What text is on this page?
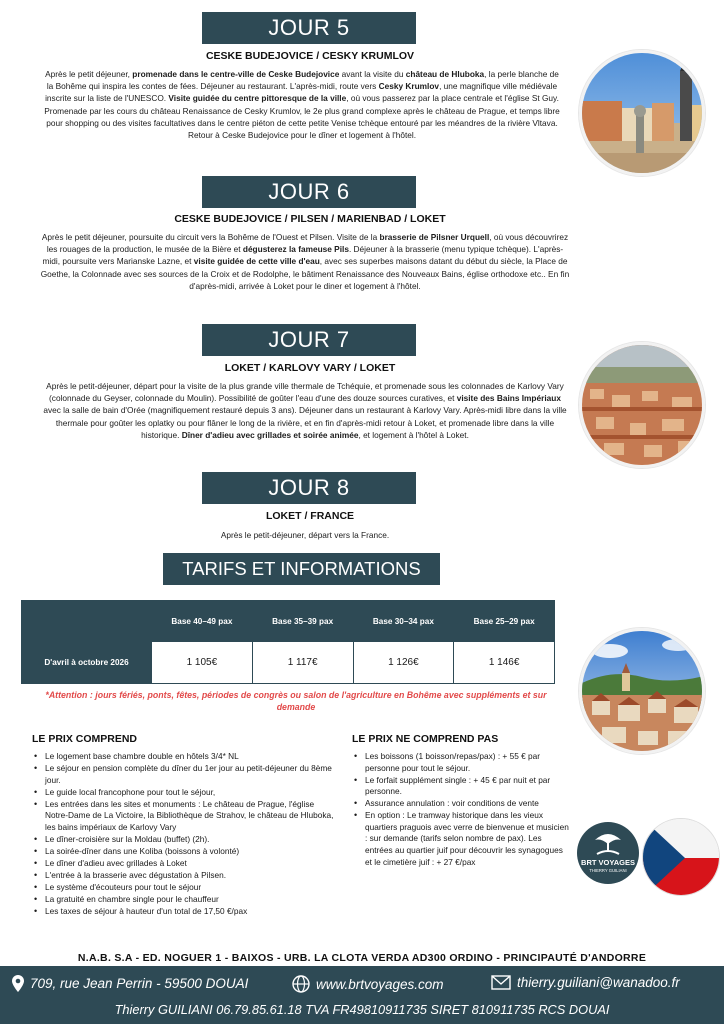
JOUR 5
CESKE BUDEJOVICE / CESKY KRUMLOV
Après le petit déjeuner, promenade dans le centre-ville de Ceske Budejovice avant la visite du château de Hluboka, la perle blanche de la Bohême qui inspira les contes de fées. Déjeuner au restaurant. L'après-midi, route vers Cesky Krumlov, une magnifique ville médiévale inscrite sur la liste de l'UNESCO. Visite guidée du centre pittoresque de la ville, où vous passerez par la place centrale et l'église St Guy. Promenade par les cours du château Renaissance de Cesky Krumlov, le 2e plus grand complexe après le château de Prague, et temps libre pour shopping ou des visites facultatives dans le centre piéton de cette petite Venise tchèque entouré par les méandres de la rivière Vltava. Retour à Ceske Budejovice pour le dîner et logement à l'hôtel.
JOUR 6
CESKE BUDEJOVICE / PILSEN / MARIENBAD / LOKET
Après le petit déjeuner, poursuite du circuit vers la Bohême de l'Ouest et Pilsen. Visite de la brasserie de Pilsner Urquell, où vous découvrirez les rouages de la production, le musée de la Bière et dégusterez la fameuse Pils. Déjeuner à la brasserie (menu typique tchèque). L'après-midi, poursuite vers Marianske Lazne, et visite guidée de cette ville d'eau, avec ses superbes maisons datant du début du siècle, la Place de Goethe, la Colonnade avec ses sources de la Croix et de Rodolphe, le bâtiment Renaissance des Nouveaux Bains, église orthodoxe etc.. En fin d'après-midi, arrivée à Loket pour le diner et logement à l'hôtel.
JOUR 7
LOKET / KARLOVY VARY / LOKET
Après le petit-déjeuner, départ pour la visite de la plus grande ville thermale de Tchéquie, et promenade sous les colonnades de Karlovy Vary (colonnade du Geyser, colonnade du Moulin). Possibilité de goûter l'eau d'une des douze sources curatives, et visite des Bains Impériaux avec la salle de bain d'Orée (magnifiquement restauré depuis 3 ans). Déjeuner dans un restaurant à Karlovy Vary. Après-midi libre dans la ville thermale pour goûter les oplatky ou pour flâner le long de la rivière, et en fin d'après-midi retour à Loket, et promenade libre dans la ville historique. Dîner d'adieu avec grillades et soirée animée, et logement à l'hôtel à Loket.
JOUR 8
LOKET / FRANCE
Après le petit-déjeuner, départ vers la France.
TARIFS ET INFORMATIONS
	Base 40–49 pax	Base 35–39 pax	Base 30–34 pax	Base 25–29 pax
D'avril à octobre 2026	1 105€	1 117€	1 126€	1 146€
*Attention : jours fériés, ponts, fêtes, périodes de congrès ou salon de l'agriculture en Bohême avec suppléments et sur demande
LE PRIX COMPREND
• Le logement base chambre double en hôtels 3/4* NL
• Le séjour en pension complète du dîner du 1er jour au petit-déjeuner du 8ème jour.
• Le guide local francophone pour tout le séjour,
• Les entrées dans les sites et monuments : Le château de Prague, l'église Notre-Dame de La Victoire, la Bibliothèque de Strahov, le château de Hluboka, les bains impériaux de Karlovy Vary
• Le dîner-croisière sur la Moldau (buffet) (2h).
• La soirée-dîner dans une Koliba (boissons à volonté)
• Le dîner d'adieu avec grillades à Loket
• L'entrée à la brasserie avec dégustation à Pilsen.
• Le système d'écouteurs pour tout le séjour
• La gratuité en chambre single pour le chauffeur
• Les taxes de séjour à hauteur d'un total de 17,50 €/pax
LE PRIX NE COMPREND PAS
• Les boissons (1 boisson/repas/pax) : + 55 € par personne pour tout le séjour.
• Le forfait supplément single : + 45 € par nuit et par personne.
• Assurance annulation : voir conditions de vente
• En option : Le tramway historique dans les vieux quartiers praguois avec verre de bienvenue et musicien : sur demande (tarifs selon nombre de pax). Les entrées au quartier juif pour découvrir les synagogues et le cimetière juif : + 27 €/pax	BRT VOYAGES
THIERRY GUILIANI
N.A.B. S.A - ED. NOGUER 1 - BAIXOS - URB. LA CLOTA VERDA AD300 ORDINO - PRINCIPAUTÉ D'ANDORRE
709, rue Jean Perrin - 59500 DOUAI	www.brtvoyages.com	thierry.guiliani@wanadoo.fr
Thierry GUILIANI 06.79.85.61.18 TVA FR49810911735 SIRET 810911735 RCS DOUAI
